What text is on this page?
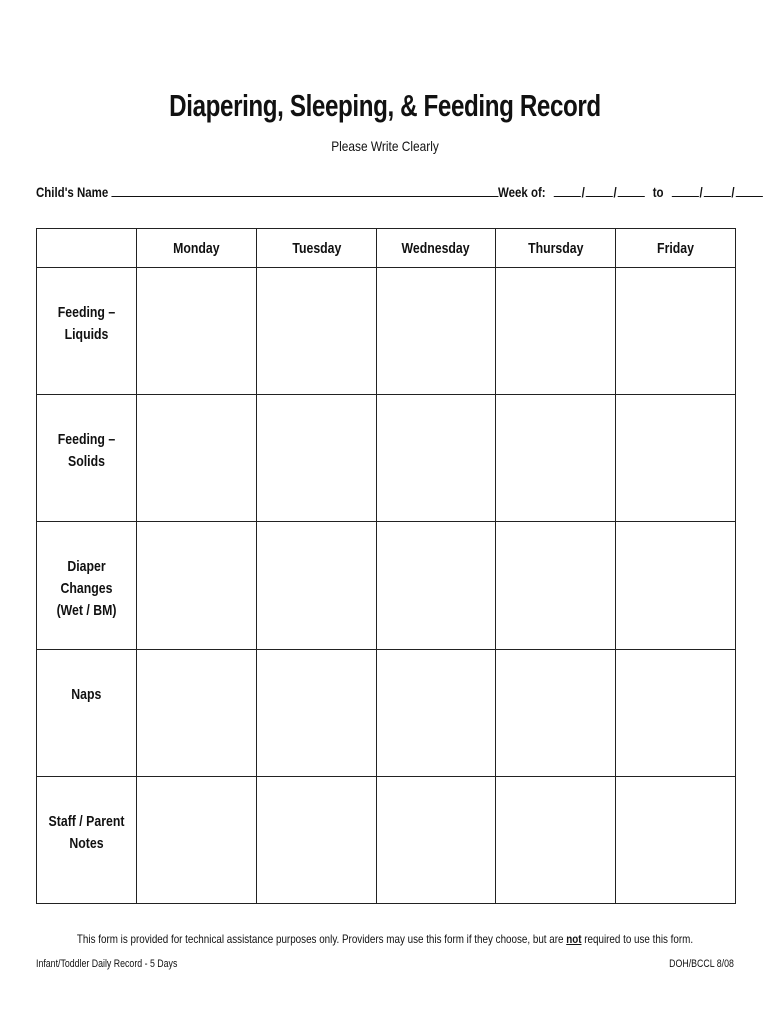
Diapering, Sleeping, & Feeding Record
Please Write Clearly
Child's Name	Week of:	/ /	to	/ /
	Monday	Tuesday	Wednesday	Thursday	Friday
Feeding – Liquids					
Feeding – Solids					
Diaper Changes
(Wet / BM)					
Naps					
Staff / Parent Notes					
This form is provided for technical assistance purposes only. Providers may use this form if they choose, but are not required to use this form.
Infant/Toddler Daily Record - 5 Days	DOH/BCCL 8/08
